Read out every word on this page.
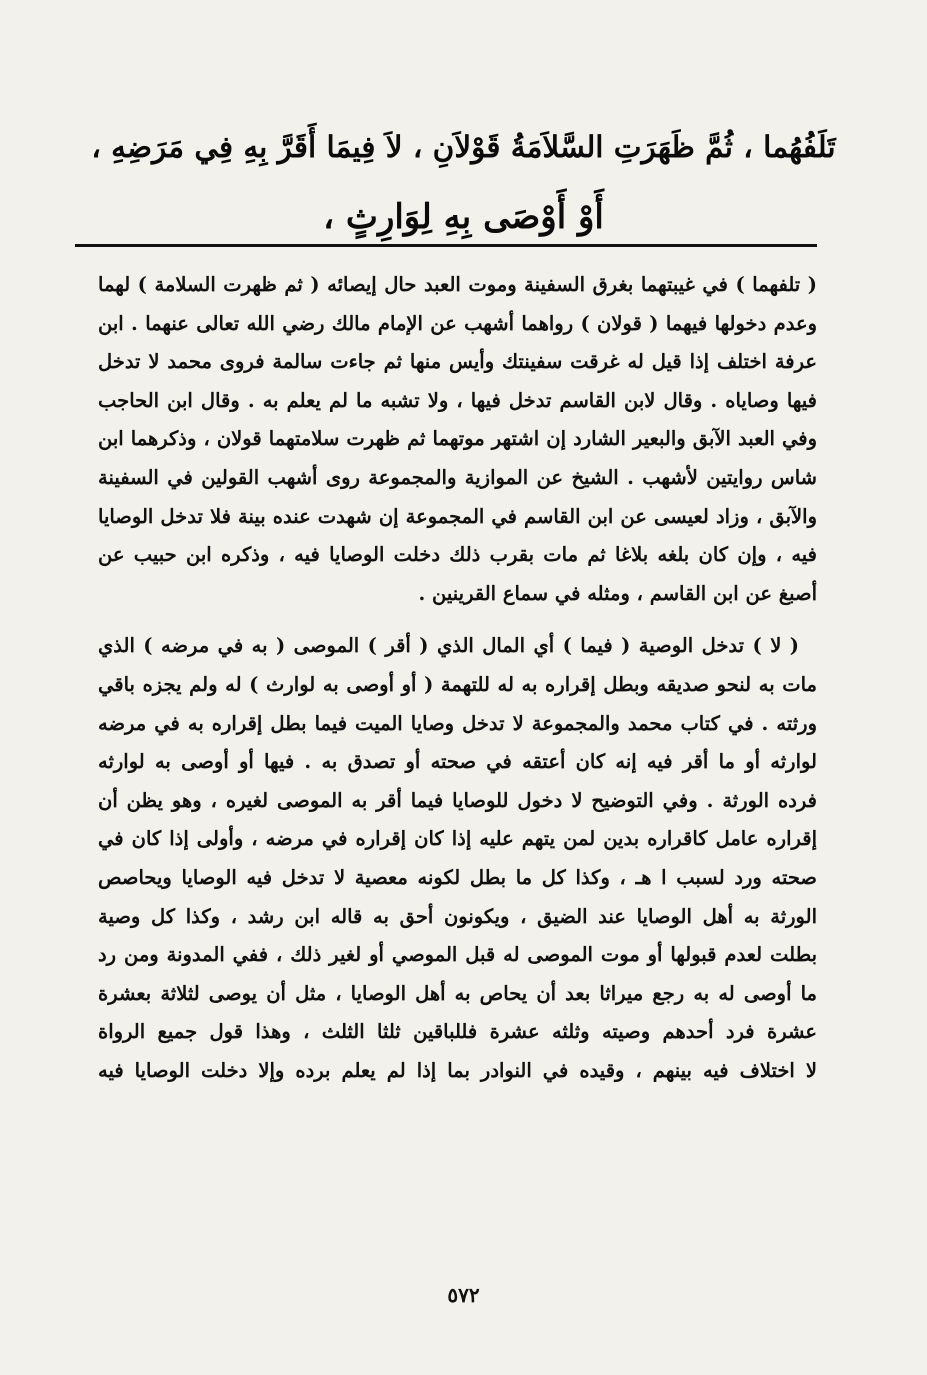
تَلَفُهُما ، ثُمَّ ظَهَرَتِ السَّلاَمَةُ قَوْلاَنِ ، لاَ فِيمَا أَقَرَّ بِهِ فِي مَرَضِهِ ،
أَوْ أَوْصَى بِهِ لِوَارِثٍ ،

( تلفهما ) في غيبتهما بغرق السفينة وموت العبد حال إيصائه ( ثم ظهرت السلامة ) لهما
وعدم دخولها فيهما ( قولان ) رواهما أشهب عن الإمام مالك رضي الله تعالى عنهما . ابن
عرفة اختلف إذا قيل له غرقت سفينتك وأيس منها ثم جاءت سالمة فروى محمد لا تدخل
فيها وصاياه . وقال لابن القاسم تدخل فيها ، ولا تشبه ما لم يعلم به . وقال ابن الحاجب
وفي العبد الآبق والبعير الشارد إن اشتهر موتهما ثم ظهرت سلامتهما قولان ، وذكرهما ابن
شاس روايتين لأشهب . الشيخ عن الموازية والمجموعة روى أشهب القولين في السفينة
والآبق ، وزاد لعيسى عن ابن القاسم في المجموعة إن شهدت عنده بينة فلا تدخل الوصايا
فيه ، وإن كان بلغه بلاغا ثم مات بقرب ذلك دخلت الوصايا فيه ، وذكره ابن حبيب عن
أصبغ عن ابن القاسم ، ومثله في سماع القرينين .

( لا ) تدخل الوصية ( فيما ) أي المال الذي ( أقر ) الموصى ( به في مرضه ) الذي
مات به لنحو صديقه وبطل إقراره به له للتهمة ( أو أوصى به لوارث ) له ولم يجزه باقي
ورثته . في كتاب محمد والمجموعة لا تدخل وصايا الميت فيما بطل إقراره به في مرضه
لوارثه أو ما أقر فيه إنه كان أعتقه في صحته أو تصدق به . فيها أو أوصى به لوارثه
فرده الورثة . وفي التوضيح لا دخول للوصايا فيما أقر به الموصى لغيره ، وهو يظن أن
إقراره عامل كاقراره بدين لمن يتهم عليه إذا كان إقراره في مرضه ، وأولى إذا كان في
صحته ورد لسبب ا هـ ، وكذا كل ما بطل لكونه معصية لا تدخل فيه الوصايا ويحاصص
الورثة به أهل الوصايا عند الضيق ، ويكونون أحق به قاله ابن رشد ، وكذا كل وصية
بطلت لعدم قبولها أو موت الموصى له قبل الموصي أو لغير ذلك ، ففي المدونة ومن رد
ما أوصى له به رجع ميراثا بعد أن يحاص به أهل الوصايا ، مثل أن يوصى لثلاثة بعشرة
عشرة فرد أحدهم وصيته وثلثه عشرة فللباقين ثلثا الثلث ، وهذا قول جميع الرواة
لا اختلاف فيه بينهم ، وقيده في النوادر بما إذا لم يعلم برده وإلا دخلت الوصايا فيه

٥٧٢
